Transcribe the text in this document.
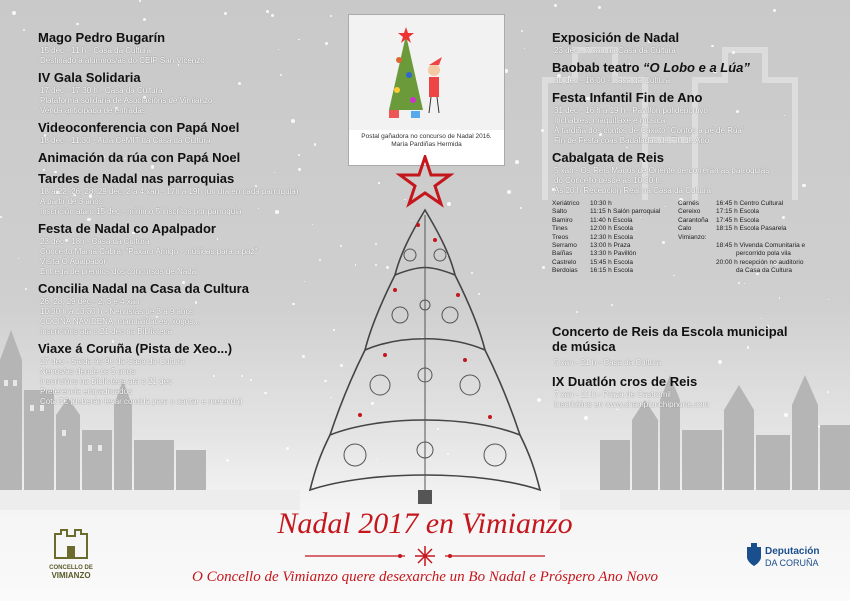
Postal gañadora no concurso de Nadal 2016.
María Pardiñas Hermida
Mago Pedro Bugarín
15 dec - 11 h - Casa da Cultura
Destinado a alumnos/as do CEIP San Vicenzo
IV Gala Solidaria
17 dec - 17:30 h - Casa da Cultura
Plataforma solidaria de Asociacións de Vimianzo
Venda anticipada de entradas
Videoconferencia con Papá Noel
18 dec - 11:30 - Aula CeMIT da Casa da Cultura
Animación da rúa con Papá Noel
Tardes de Nadal nas parroquias
18 a 22, 26, 28, 29 dec, 2 a 4 xan - 17h a 19h (un día en cada parroquia)
A partir de 3 anos
Inscrición ata o 15 dec - mínimo 5 inscritos por parroquia
Festa de Nadal co Apalpador
23 dec - 18h - Casa da Cultura
Concerto Mamá Cabra: "Paxaro Amigo - músicas para a paz"
Visita O Apalpador
Entrega de premios dos concursos de Nadal
Concilia Nadal na Casa da Cultura
26, 28, 29 dec - 2, 3 e 4 xan
10:30 h a 13:30 h - Nenos/as de 3 a 9 anos
COCIÑA NAVIDEÑA, manualidades, xogos...
Inscricións ata o 21 dec na Biblioteca
Viaxe á Coruña (Pista de Xeo...)
27 dec - Saída ás 9h da Casa da Cultura
Nenos/as dende os 5 anos
Inscricións na Biblioteca ata o 21 dec
Preferencia empadroados
Cota 5€ (deberán levar comida para o xantar e merenda)
Exposición de Nadal
23 dec - 7 xan na Casa da Cultura
Baobab teatro “O Lobo e a Lúa”
30 dec - 18:00 - Casa da Cultura
Festa Infantil Fin de Ano
31 dec - 16 h a 19 h - Pavillón polideportivo
Inchables, maquillaxe e música
Á tardiña dos contos de Caxato "Contos a pé de Rúa"
Fin de Festa coas Badaladas de Fin de Ano
Cabalgata de Reis
5 xan - Os Reis Magos de Oriente percorrerán as parroquias
do Concello desde as 10:30 h.
Ás 20 h Recepción Real na Casa da Cultura
Xeriátrico
Salto
Bamiro
Tines
Treos
Serramo
Baíñas
Castrelo
Berdoias
10:30 h
11:15 h Salón parroquial
11:40 h Escola
12:00 h Escola
12:30 h Escola
13:00 h Praza
13:30 h Pavillón
15:45 h Escola
16:15 h Escola
Carnés
Cereixo
Carantoña
Calo
Vimianzo:
16:45 h Centro Cultural
17:15 h Escola
17:45 h Escola
18:15 h Escola Pasarela

18:45 h Vivenda Comunitaria e
percorrido pola vila
20:00 h recepción no auditorio
da Casa da Cultura
Concerto de Reis da Escola municipal de música
5 xan - 21 h - Casa da Cultura
IX Duatlón cros de Reis
7 xan - 11 h - Praza de Castromil
Inscricións en www.championchipnorte.com
Nadal 2017 en Vimianzo
O Concello de Vimianzo quere desexarche un Bo Nadal e Próspero Ano Novo
CONCELLO DE
VIMIANZO
Deputación
DA CORUÑA
